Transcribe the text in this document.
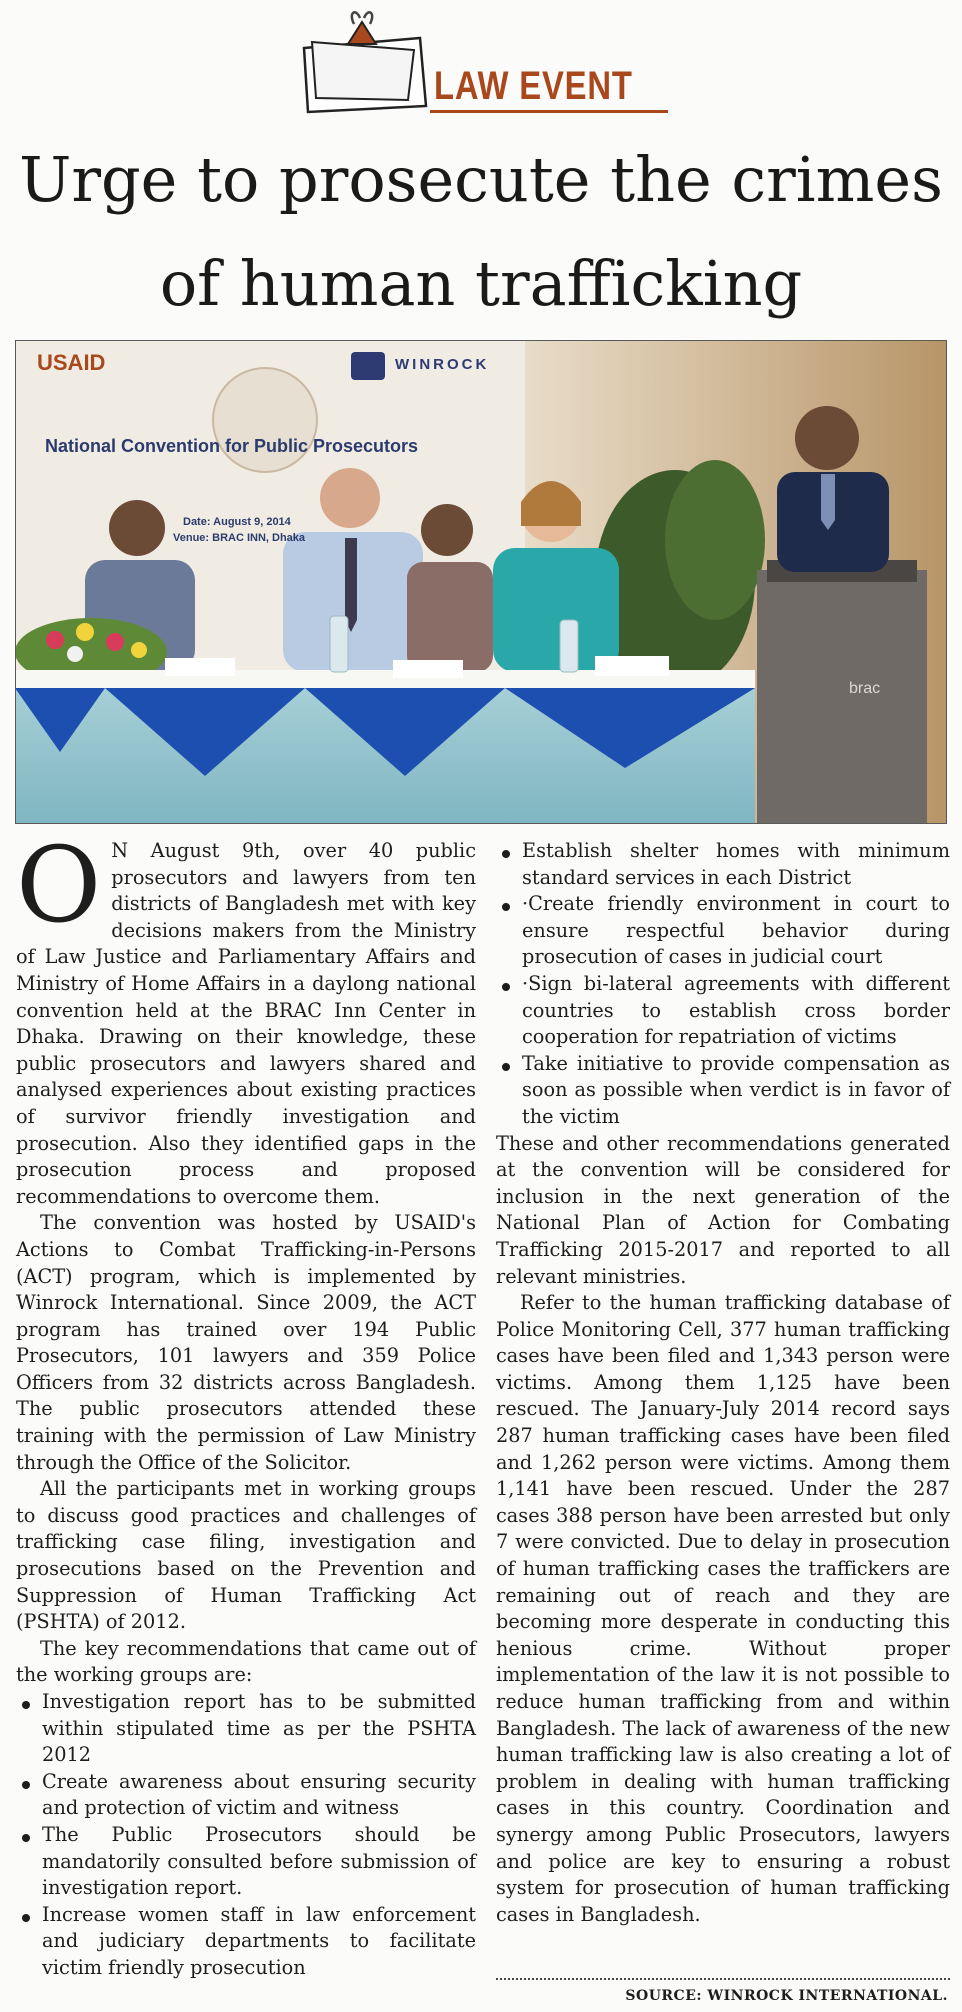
LAW EVENT
Urge to prosecute the crimes
of human trafficking
USAID	WINROCK
National Convention for Public Prosecutors
Date: August 9, 2014
Venue: BRAC INN, Dhaka
brac

O N August 9th, over 40 public prosecutors and lawyers from ten districts of Bangladesh met with key decisions makers from the Ministry of Law Justice and Parliamentary Affairs and Ministry of Home Affairs in a daylong national convention held at the BRAC Inn Center in Dhaka. Drawing on their knowledge, these public prosecutors and lawyers shared and analysed experiences about existing practices of survivor friendly investigation and prosecution. Also they identified gaps in the prosecution process and proposed recommendations to overcome them.

The convention was hosted by USAID's Actions to Combat Trafficking-in-Persons (ACT) program, which is implemented by Winrock International. Since 2009, the ACT program has trained over 194 Public Prosecutors, 101 lawyers and 359 Police Officers from 32 districts across Bangladesh. The public prosecutors attended these training with the permission of Law Ministry through the Office of the Solicitor.

All the participants met in working groups to discuss good practices and challenges of trafficking case filing, investigation and prosecutions based on the Prevention and Suppression of Human Trafficking Act (PSHTA) of 2012.

The key recommendations that came out of the working groups are:

Investigation report has to be submitted within stipulated time as per the PSHTA 2012
Create awareness about ensuring security and protection of victim and witness
The Public Prosecutors should be mandatorily consulted before submission of investigation report.
Increase women staff in law enforcement and judiciary departments to facilitate victim friendly prosecution
Establish shelter homes with minimum standard services in each District
·Create friendly environment in court to ensure respectful behavior during prosecution of cases in judicial court
·Sign bi-lateral agreements with different countries to establish cross border cooperation for repatriation of victims
Take initiative to provide compensation as soon as possible when verdict is in favor of the victim

These and other recommendations generated at the convention will be considered for inclusion in the next generation of the National Plan of Action for Combating Trafficking 2015-2017 and reported to all relevant ministries.

Refer to the human trafficking database of Police Monitoring Cell, 377 human trafficking cases have been filed and 1,343 person were victims. Among them 1,125 have been rescued. The January-July 2014 record says 287 human trafficking cases have been filed and 1,262 person were victims. Among them 1,141 have been rescued. Under the 287 cases 388 person have been arrested but only 7 were convicted. Due to delay in prosecution of human trafficking cases the traffickers are remaining out of reach and they are becoming more desperate in conducting this henious crime. Without proper implementation of the law it is not possible to reduce human trafficking from and within Bangladesh. The lack of awareness of the new human trafficking law is also creating a lot of problem in dealing with human trafficking cases in this country. Coordination and synergy among Public Prosecutors, lawyers and police are key to ensuring a robust system for prosecution of human trafficking cases in Bangladesh.

SOURCE: WINROCK INTERNATIONAL.
